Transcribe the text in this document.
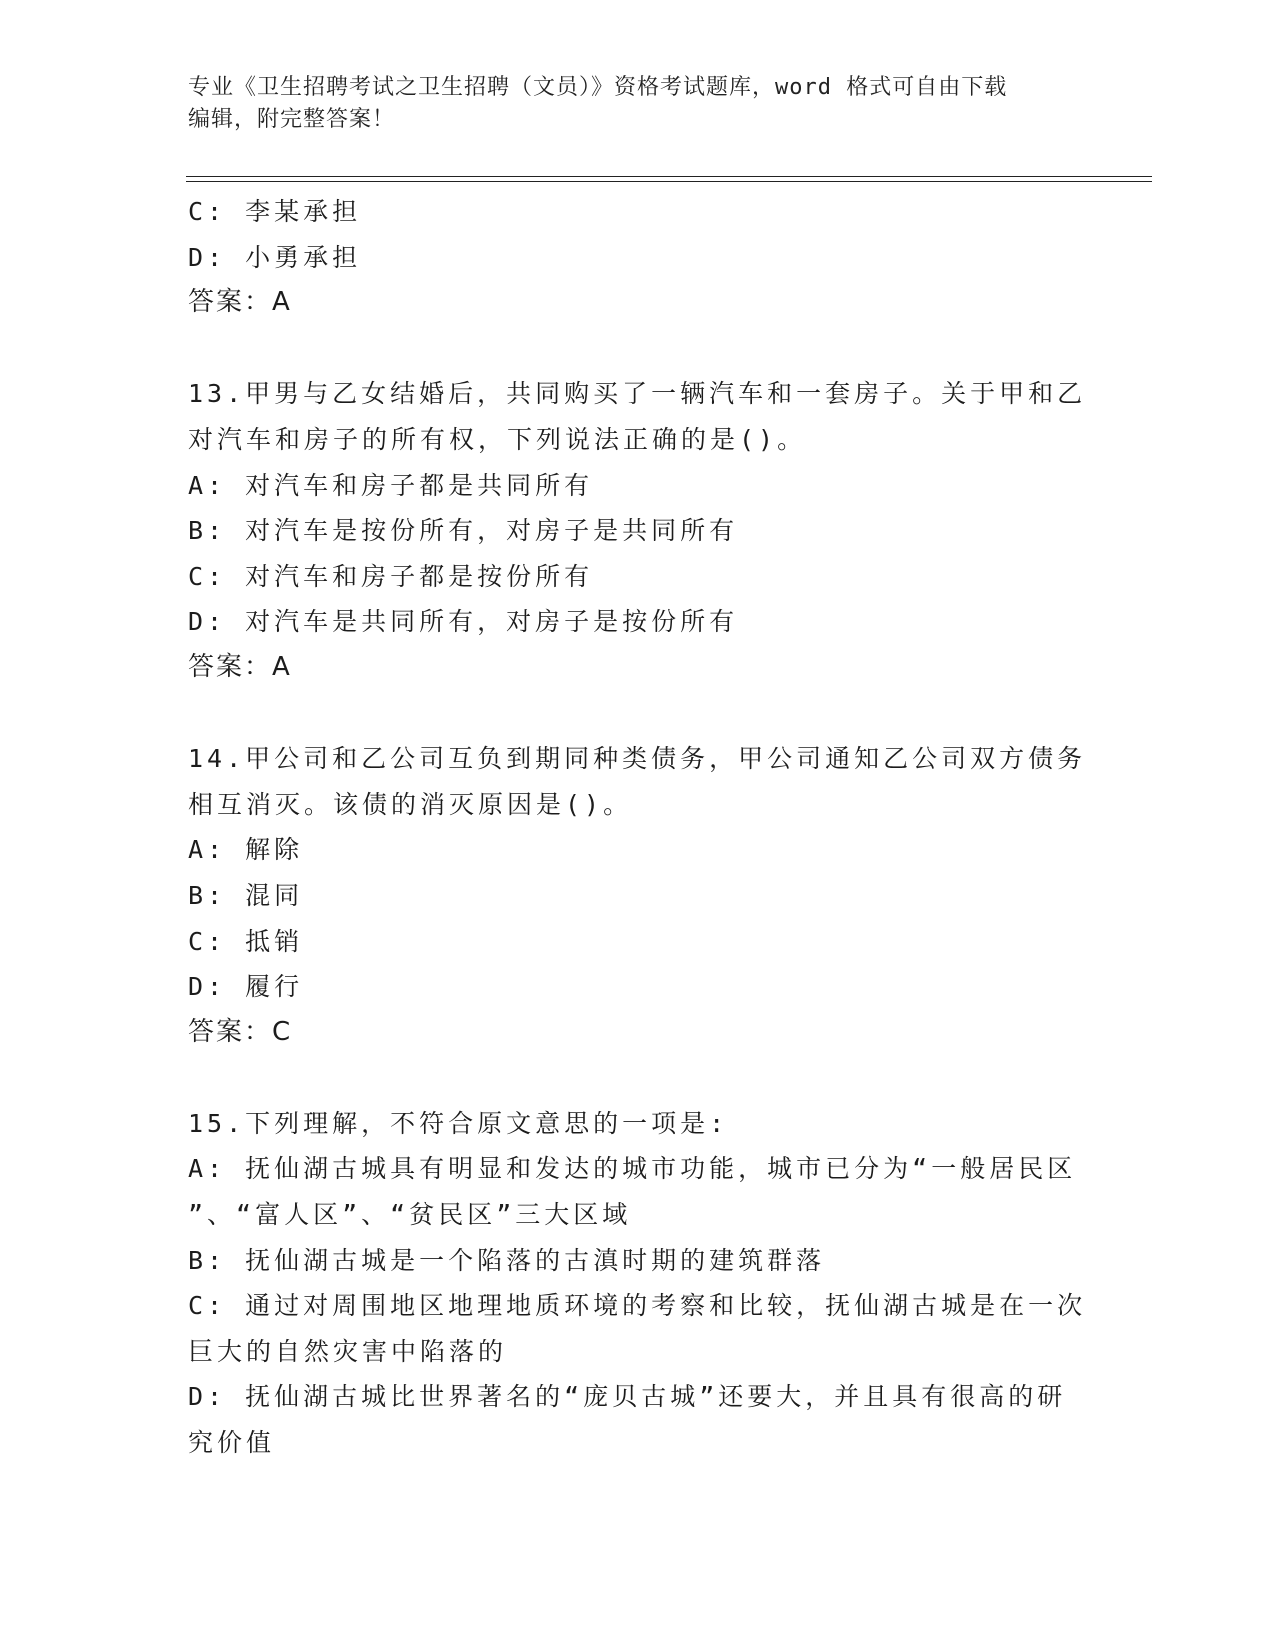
专业《卫生招聘考试之卫生招聘（文员）》资格考试题库，word 格式可自由下载
编辑，附完整答案！
C: 李某承担
D: 小勇承担
答案：A
13.甲男与乙女结婚后，共同购买了一辆汽车和一套房子。关于甲和乙
对汽车和房子的所有权，下列说法正确的是()。
A: 对汽车和房子都是共同所有
B: 对汽车是按份所有，对房子是共同所有
C: 对汽车和房子都是按份所有
D: 对汽车是共同所有，对房子是按份所有
答案：A
14.甲公司和乙公司互负到期同种类债务，甲公司通知乙公司双方债务
相互消灭。该债的消灭原因是()。
A: 解除
B: 混同
C: 抵销
D: 履行
答案：C
15.下列理解，不符合原文意思的一项是:
A: 抚仙湖古城具有明显和发达的城市功能，城市已分为“一般居民区
”、“富人区”、“贫民区”三大区域
B: 抚仙湖古城是一个陷落的古滇时期的建筑群落
C: 通过对周围地区地理地质环境的考察和比较，抚仙湖古城是在一次
巨大的自然灾害中陷落的
D: 抚仙湖古城比世界著名的“庞贝古城”还要大，并且具有很高的研
究价值
